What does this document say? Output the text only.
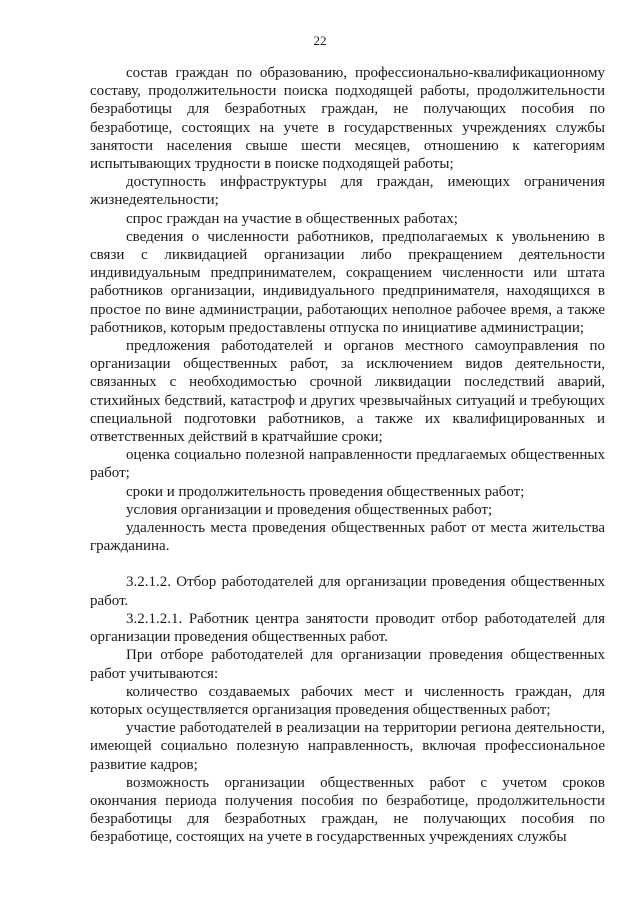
22

состав граждан по образованию, профессионально-квалификационному составу, продолжительности поиска подходящей работы, продолжительности безработицы для безработных граждан, не получающих пособия по безработице, состоящих на учете в государственных учреждениях службы занятости населения свыше шести месяцев, отношению к категориям испытывающих трудности в поиске подходящей работы;

доступность инфраструктуры для граждан, имеющих ограничения жизнедеятельности;

спрос граждан на участие в общественных работах;

сведения о численности работников, предполагаемых к увольнению в связи с ликвидацией организации либо прекращением деятельности индивидуальным предпринимателем, сокращением численности или штата работников организации, индивидуального предпринимателя, находящихся в простое по вине администрации, работающих неполное рабочее время, а также работников, которым предоставлены отпуска по инициативе администрации;

предложения работодателей и органов местного самоуправления по организации общественных работ, за исключением видов деятельности, связанных с необходимостью срочной ликвидации последствий аварий, стихийных бедствий, катастроф и других чрезвычайных ситуаций и требующих специальной подготовки работников, а также их квалифицированных и ответственных действий в кратчайшие сроки;

оценка социально полезной направленности предлагаемых общественных работ;

сроки и продолжительность проведения общественных работ;

условия организации и проведения общественных работ;

удаленность места проведения общественных работ от места жительства гражданина.

3.2.1.2. Отбор работодателей для организации проведения общественных работ.

3.2.1.2.1. Работник центра занятости проводит отбор работодателей для организации проведения общественных работ.

При отборе работодателей для организации проведения общественных работ учитываются:

количество создаваемых рабочих мест и численность граждан, для которых осуществляется организация проведения общественных работ;

участие работодателей в реализации на территории региона деятельности, имеющей социально полезную направленность, включая профессиональное развитие кадров;

возможность организации общественных работ с учетом сроков окончания периода получения пособия по безработице, продолжительности безработицы для безработных граждан, не получающих пособия по безработице, состоящих на учете в государственных учреждениях службы
